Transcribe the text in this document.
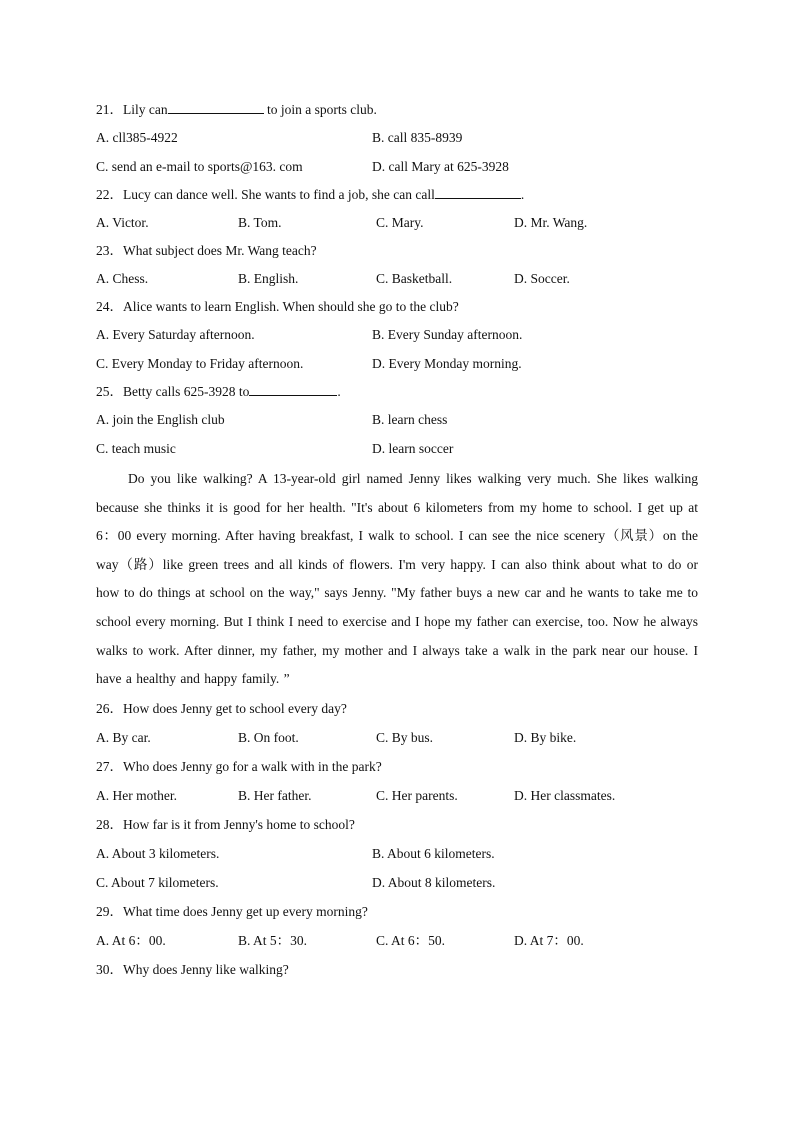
21．Lily can	to join a sports club.
A. cll385-4922	B. call 835-8939
C. send an e-mail to sports@163. com	D. call Mary at 625-3928
22．Lucy can dance well. She wants to find a job, she can call	.
A. Victor.	B. Tom.	C. Mary.	D. Mr. Wang.
23．What subject does Mr. Wang teach?
A. Chess.	B. English.	C. Basketball.	D. Soccer.
24．Alice wants to learn English. When should she go to the club?
A. Every Saturday afternoon.	B. Every Sunday afternoon.
C. Every Monday to Friday afternoon.	D. Every Monday morning.
25．Betty calls 625-3928 to	.
A. join the English club	B. learn chess
C. teach music	D. learn soccer

Do you like walking? A 13-year-old girl named Jenny likes walking very much. She likes walking because she thinks it is good for her health. "It's about 6 kilometers from my home to school. I get up at 6：00 every morning. After having breakfast, I walk to school. I can see the nice scenery（风景）on the way（路）like green trees and all kinds of flowers. I'm very happy. I can also think about what to do or how to do things at school on the way," says Jenny. "My father buys a new car and he wants to take me to school every morning. But I think I need to exercise and I hope my father can exercise, too. Now he always walks to work. After dinner, my father, my mother and I always take a walk in the park near our house. I have a healthy and happy family. ”

26．How does Jenny get to school every day?
A. By car.	B. On foot.	C. By bus.	D. By bike.
27．Who does Jenny go for a walk with in the park?
A. Her mother.	B. Her father.	C. Her parents.	D. Her classmates.
28．How far is it from Jenny's home to school?
A. About 3 kilometers.	B. About 6 kilometers.
C. About 7 kilometers.	D. About 8 kilometers.
29．What time does Jenny get up every morning?
A. At 6：00.	B. At 5：30.	C. At 6：50.	D. At 7：00.
30．Why does Jenny like walking?
